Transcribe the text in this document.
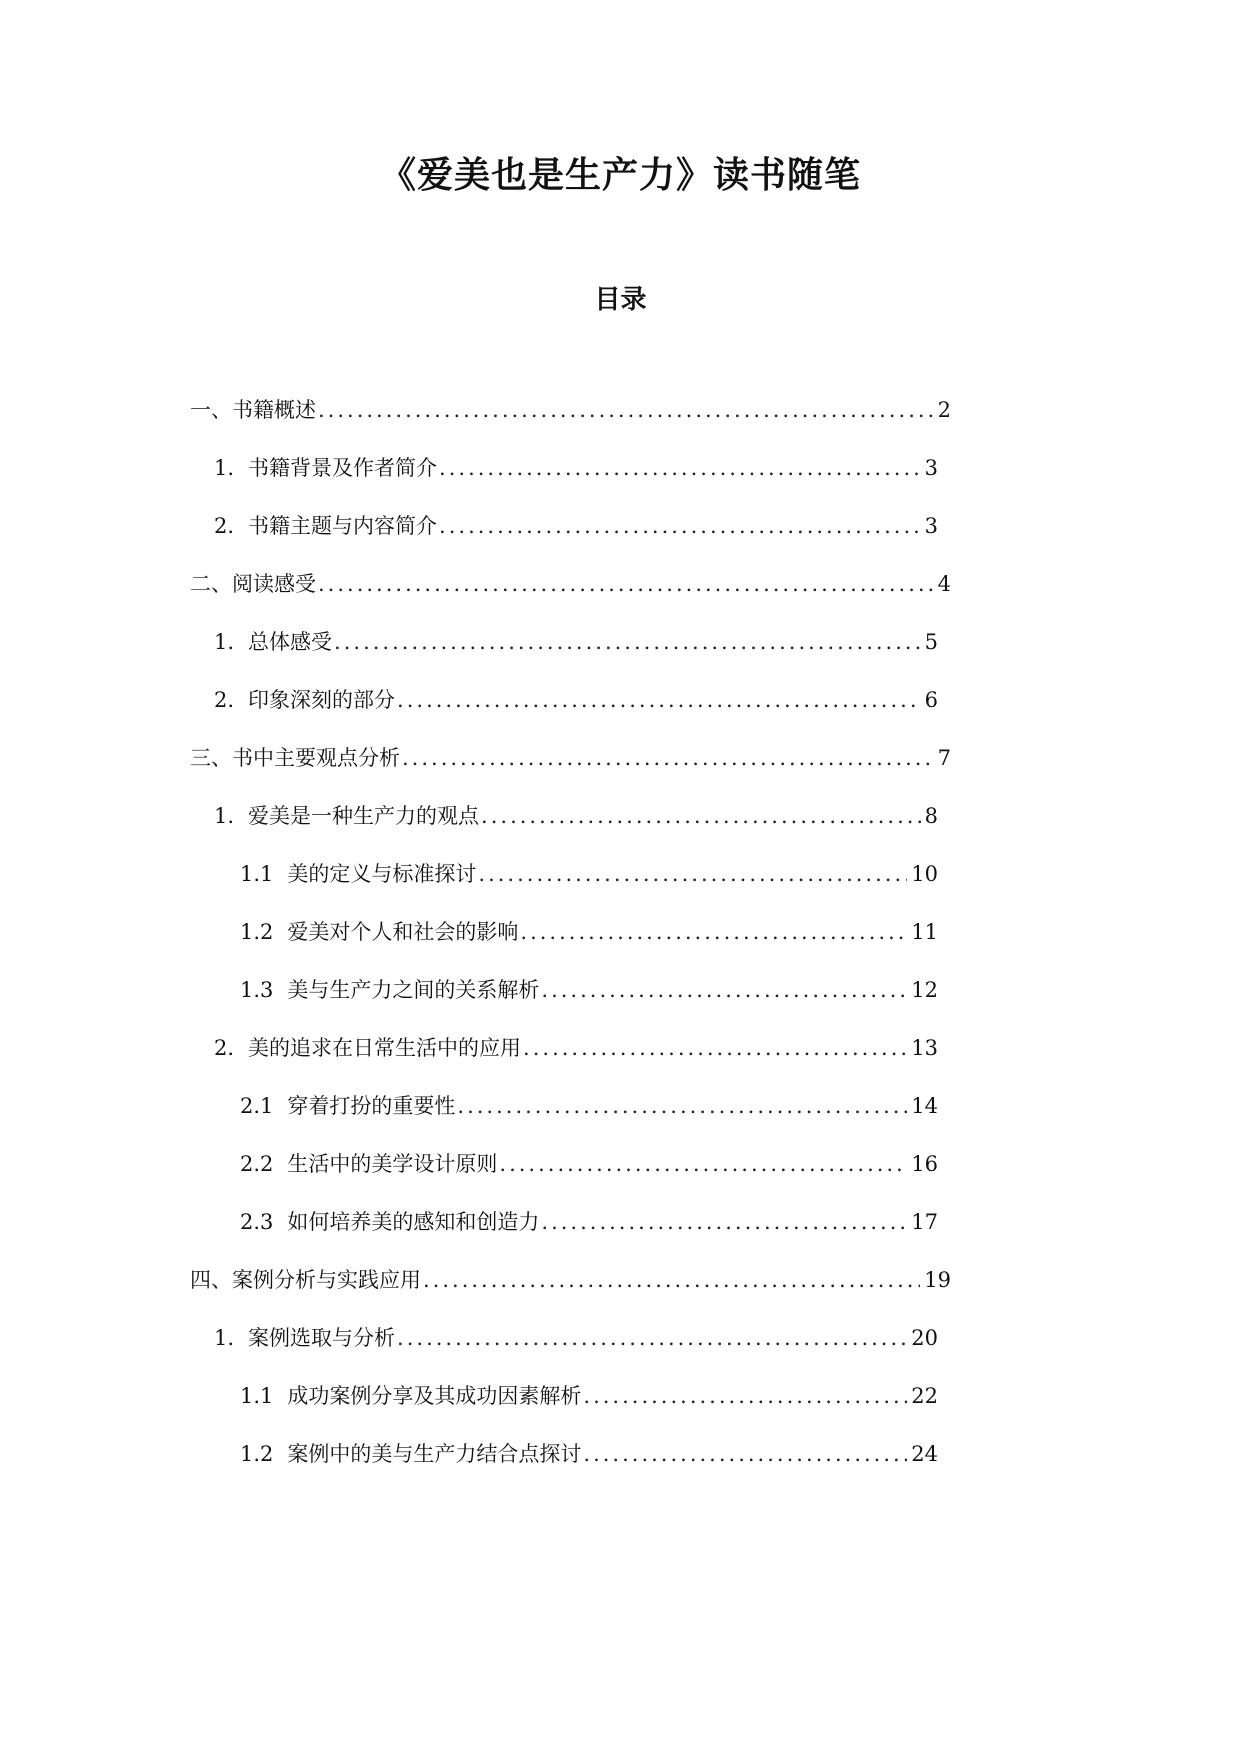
《爱美也是生产力》读书随笔
目录
一、书籍概述 .....	2
1. 书籍背景及作者简介 .....	3
2. 书籍主题与内容简介 .....	3
二、阅读感受 .....	4
1. 总体感受 .....	5
2. 印象深刻的部分 .....	6
三、书中主要观点分析 .....	7
1. 爱美是一种生产力的观点 .....	8
1.1 美的定义与标准探讨 .....	10
1.2 爱美对个人和社会的影响 .....	11
1.3 美与生产力之间的关系解析 .....	12
2. 美的追求在日常生活中的应用 .....	13
2.1 穿着打扮的重要性 .....	14
2.2 生活中的美学设计原则 .....	16
2.3 如何培养美的感知和创造力 .....	17
四、案例分析与实践应用 .....	19
1. 案例选取与分析 .....	20
1.1 成功案例分享及其成功因素解析 .....	22
1.2 案例中的美与生产力结合点探讨 .....	24
